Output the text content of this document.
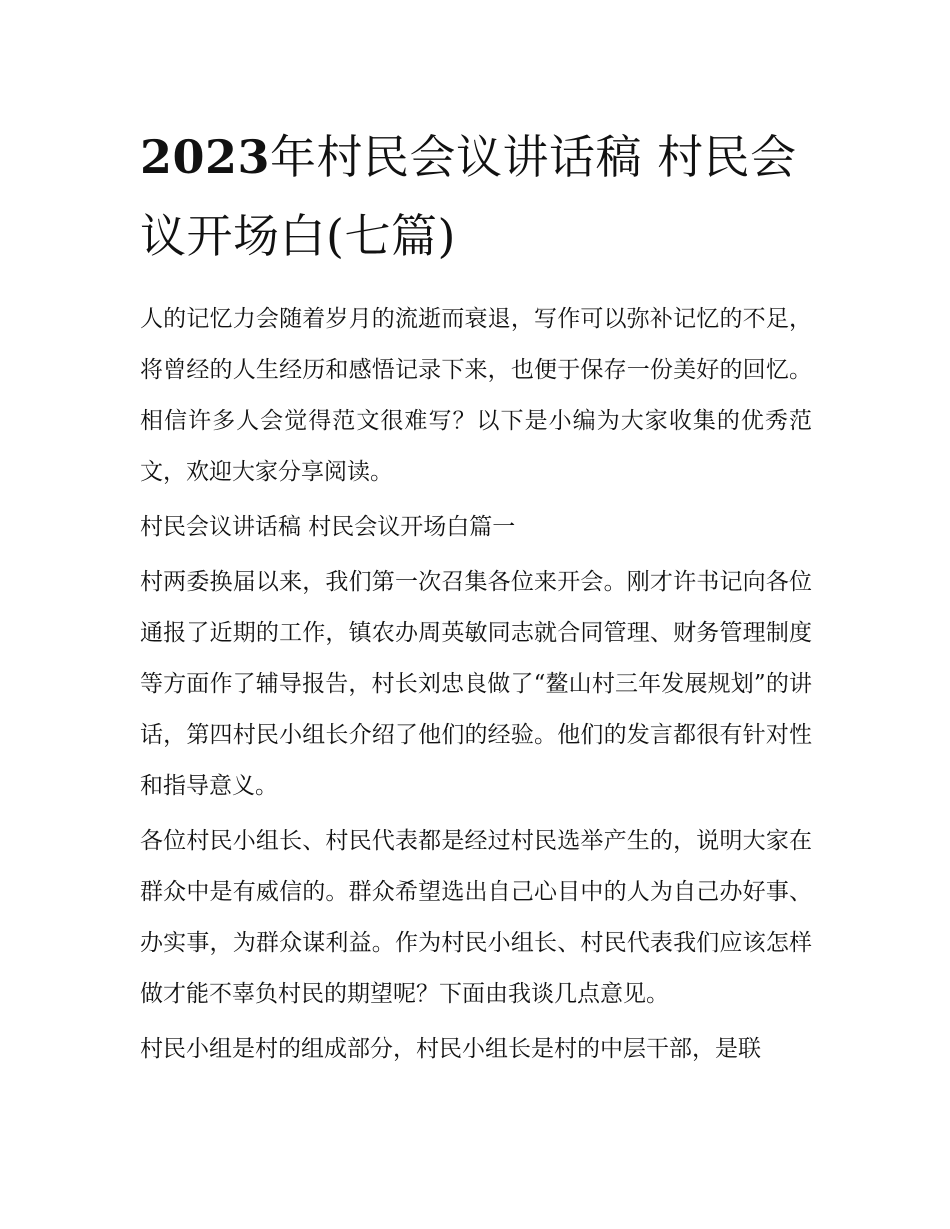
2023年村民会议讲话稿 村民会议开场白(七篇)

人的记忆力会随着岁月的流逝而衰退，写作可以弥补记忆的不足，将曾经的人生经历和感悟记录下来，也便于保存一份美好的回忆。相信许多人会觉得范文很难写？以下是小编为大家收集的优秀范文，欢迎大家分享阅读。

村民会议讲话稿 村民会议开场白篇一

村两委换届以来，我们第一次召集各位来开会。刚才许书记向各位通报了近期的工作，镇农办周英敏同志就合同管理、财务管理制度等方面作了辅导报告，村长刘忠良做了“鳌山村三年发展规划”的讲话，第四村民小组长介绍了他们的经验。他们的发言都很有针对性和指导意义。

各位村民小组长、村民代表都是经过村民选举产生的，说明大家在群众中是有威信的。群众希望选出自己心目中的人为自己办好事、办实事，为群众谋利益。作为村民小组长、村民代表我们应该怎样做才能不辜负村民的期望呢？下面由我谈几点意见。

村民小组是村的组成部分，村民小组长是村的中层干部，是联
